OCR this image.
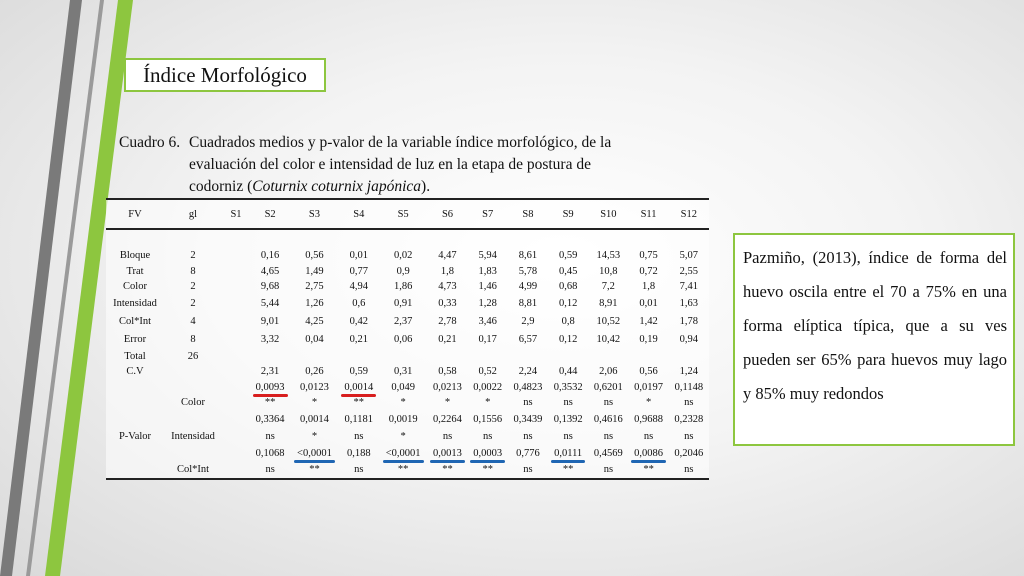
Índice Morfológico
Cuadro 6. Cuadrados medios y p-valor de la variable índice morfológico, de la evaluación del color e intensidad de luz en la etapa de postura de codorniz (Coturnix coturnix japónica).
FV	gl	S1	S2	S3	S4	S5	S6	S7	S8	S9	S10	S11	S12

Bloque	2		0,16	0,56	0,01	0,02	4,47	5,94	8,61	0,59	14,53	0,75	5,07
Trat	8		4,65	1,49	0,77	0,9	1,8	1,83	5,78	0,45	10,8	0,72	2,55
Color	2		9,68	2,75	4,94	1,86	4,73	1,46	4,99	0,68	7,2	1,8	7,41
Intensidad	2		5,44	1,26	0,6	0,91	0,33	1,28	8,81	0,12	8,91	0,01	1,63
Col*Int	4		9,01	4,25	0,42	2,37	2,78	3,46	2,9	0,8	10,52	1,42	1,78
Error	8		3,32	0,04	0,21	0,06	0,21	0,17	6,57	0,12	10,42	0,19	0,94
Total	26												
C.V			2,31	0,26	0,59	0,31	0,58	0,52	2,24	0,44	2,06	0,56	1,24
			0,0093	0,0123	0,0014	0,049	0,0213	0,0022	0,4823	0,3532	0,6201	0,0197	0,1148
	Color		**	*	**	*	*	*	ns	ns	ns	*	ns
			0,3364	0,0014	0,1181	0,0019	0,2264	0,1556	0,3439	0,1392	0,4616	0,9688	0,2328
P-Valor	Intensidad		ns	*	ns	*	ns	ns	ns	ns	ns	ns	ns
			0,1068	<0,0001	0,188	<0,0001	0,0013	0,0003	0,776	0,0111	0,4569	0,0086	0,2046
	Col*Int		ns	**	ns	**	**	**	ns	**	ns	**	ns
Pazmiño, (2013), índice de forma del huevo oscila entre el 70 a 75% en una forma elíptica típica, que a su ves pueden ser 65% para huevos muy lago y 85% muy redondos
